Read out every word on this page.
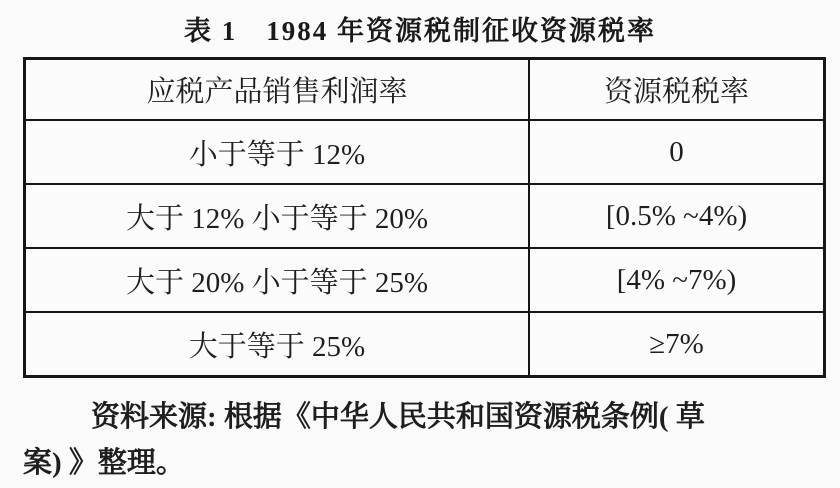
表 1　1984 年资源税制征收资源税率
应税产品销售利润率	资源税税率
小于等于 12%	0
大于 12% 小于等于 20%	[0.5% ~4%)
大于 20% 小于等于 25%	[4% ~7%)
大于等于 25%	≥7%

资料来源: 根据《中华人民共和国资源税条例( 草
案) 》整理。
